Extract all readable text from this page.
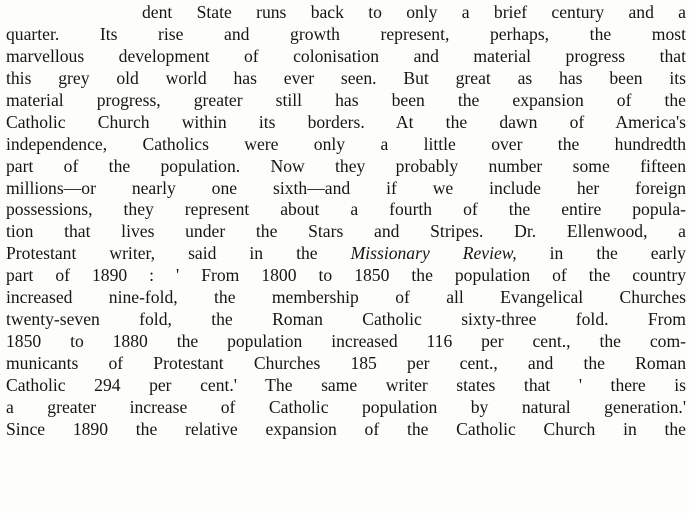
dent State runs back to only a brief century and a
quarter. Its rise and growth represent, perhaps, the most
marvellous development of colonisation and material progress that
this grey old world has ever seen. But great as has been its
material progress, greater still has been the expansion of the
Catholic Church within its borders. At the dawn of America's
independence, Catholics were only a little over the hundredth
part of the population. Now they probably number some fifteen
millions—or nearly one sixth—and if we include her foreign
possessions, they represent about a fourth of the entire popula-
tion that lives under the Stars and Stripes. Dr. Ellenwood, a
Protestant writer, said in the Missionary Review, in the early
part of 1890 : ' From 1800 to 1850 the population of the country
increased nine-fold, the membership of all Evangelical Churches
twenty-seven fold, the Roman Catholic sixty-three fold. From
1850 to 1880 the population increased 116 per cent., the com-
municants of Protestant Churches 185 per cent., and the Roman
Catholic 294 per cent.' The same writer states that ' there is
a greater increase of Catholic population by natural generation.'
Since 1890 the relative expansion of the Catholic Church in the
